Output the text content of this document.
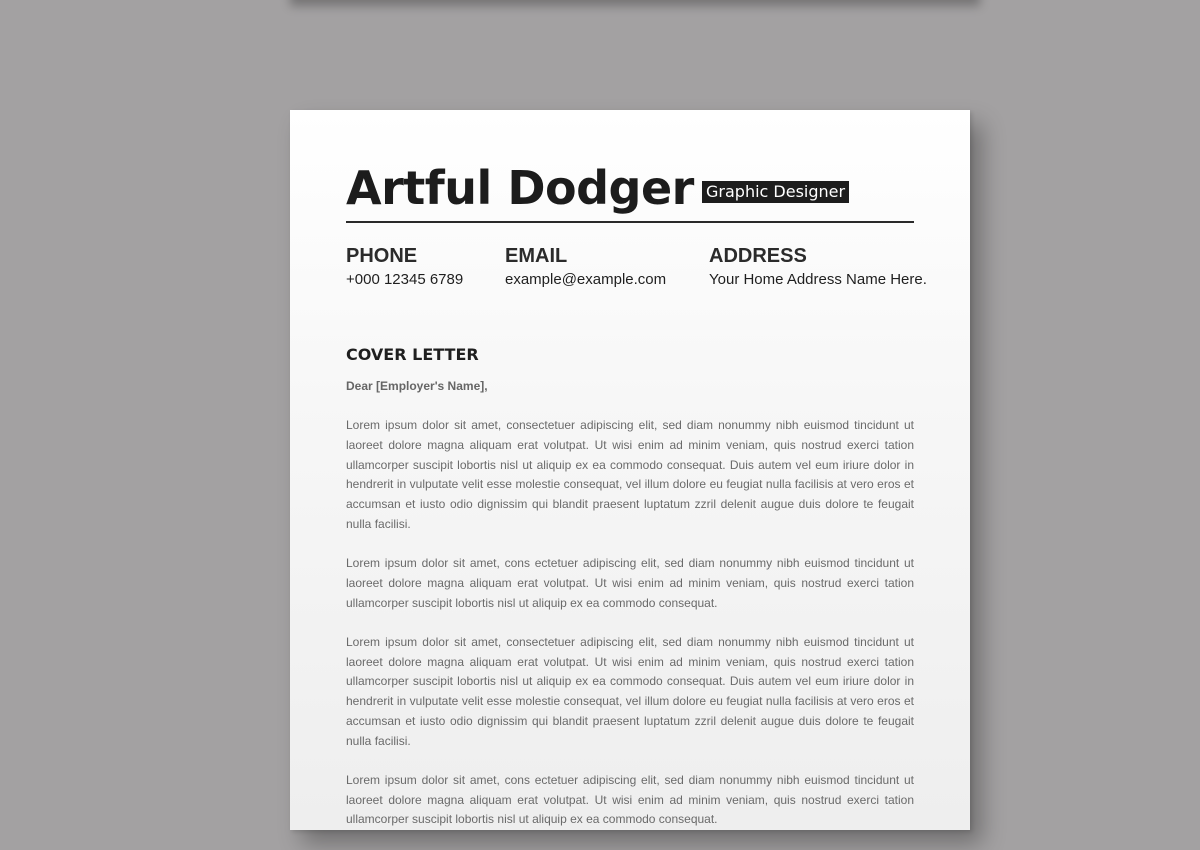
Artful Dodger Graphic Designer
PHONE
+000 12345 6789
EMAIL
example@example.com
ADDRESS
Your Home Address Name Here.
COVER LETTER
Dear [Employer's Name],

Lorem ipsum dolor sit amet, consectetuer adipiscing elit, sed diam nonummy nibh euismod tincidunt ut laoreet dolore magna aliquam erat volutpat. Ut wisi enim ad minim veniam, quis nostrud exerci tation ullamcorper suscipit lobortis nisl ut aliquip ex ea commodo consequat. Duis autem vel eum iriure dolor in hendrerit in vulputate velit esse molestie consequat, vel illum dolore eu feugiat nulla facilisis at vero eros et accumsan et iusto odio dignissim qui blandit praesent luptatum zzril delenit augue duis dolore te feugait nulla facilisi.

Lorem ipsum dolor sit amet, cons ectetuer adipiscing elit, sed diam nonummy nibh euismod tincidunt ut laoreet dolore magna aliquam erat volutpat. Ut wisi enim ad minim veniam, quis nostrud exerci tation ullamcorper suscipit lobortis nisl ut aliquip ex ea commodo consequat.

Lorem ipsum dolor sit amet, consectetuer adipiscing elit, sed diam nonummy nibh euismod tincidunt ut laoreet dolore magna aliquam erat volutpat. Ut wisi enim ad minim veniam, quis nostrud exerci tation ullamcorper suscipit lobortis nisl ut aliquip ex ea commodo consequat. Duis autem vel eum iriure dolor in hendrerit in vulputate velit esse molestie consequat, vel illum dolore eu feugiat nulla facilisis at vero eros et accumsan et iusto odio dignissim qui blandit praesent luptatum zzril delenit augue duis dolore te feugait nulla facilisi.

Lorem ipsum dolor sit amet, cons ectetuer adipiscing elit, sed diam nonummy nibh euismod tincidunt ut laoreet dolore magna aliquam erat volutpat. Ut wisi enim ad minim veniam, quis nostrud exerci tation ullamcorper suscipit lobortis nisl ut aliquip ex ea commodo consequat.
